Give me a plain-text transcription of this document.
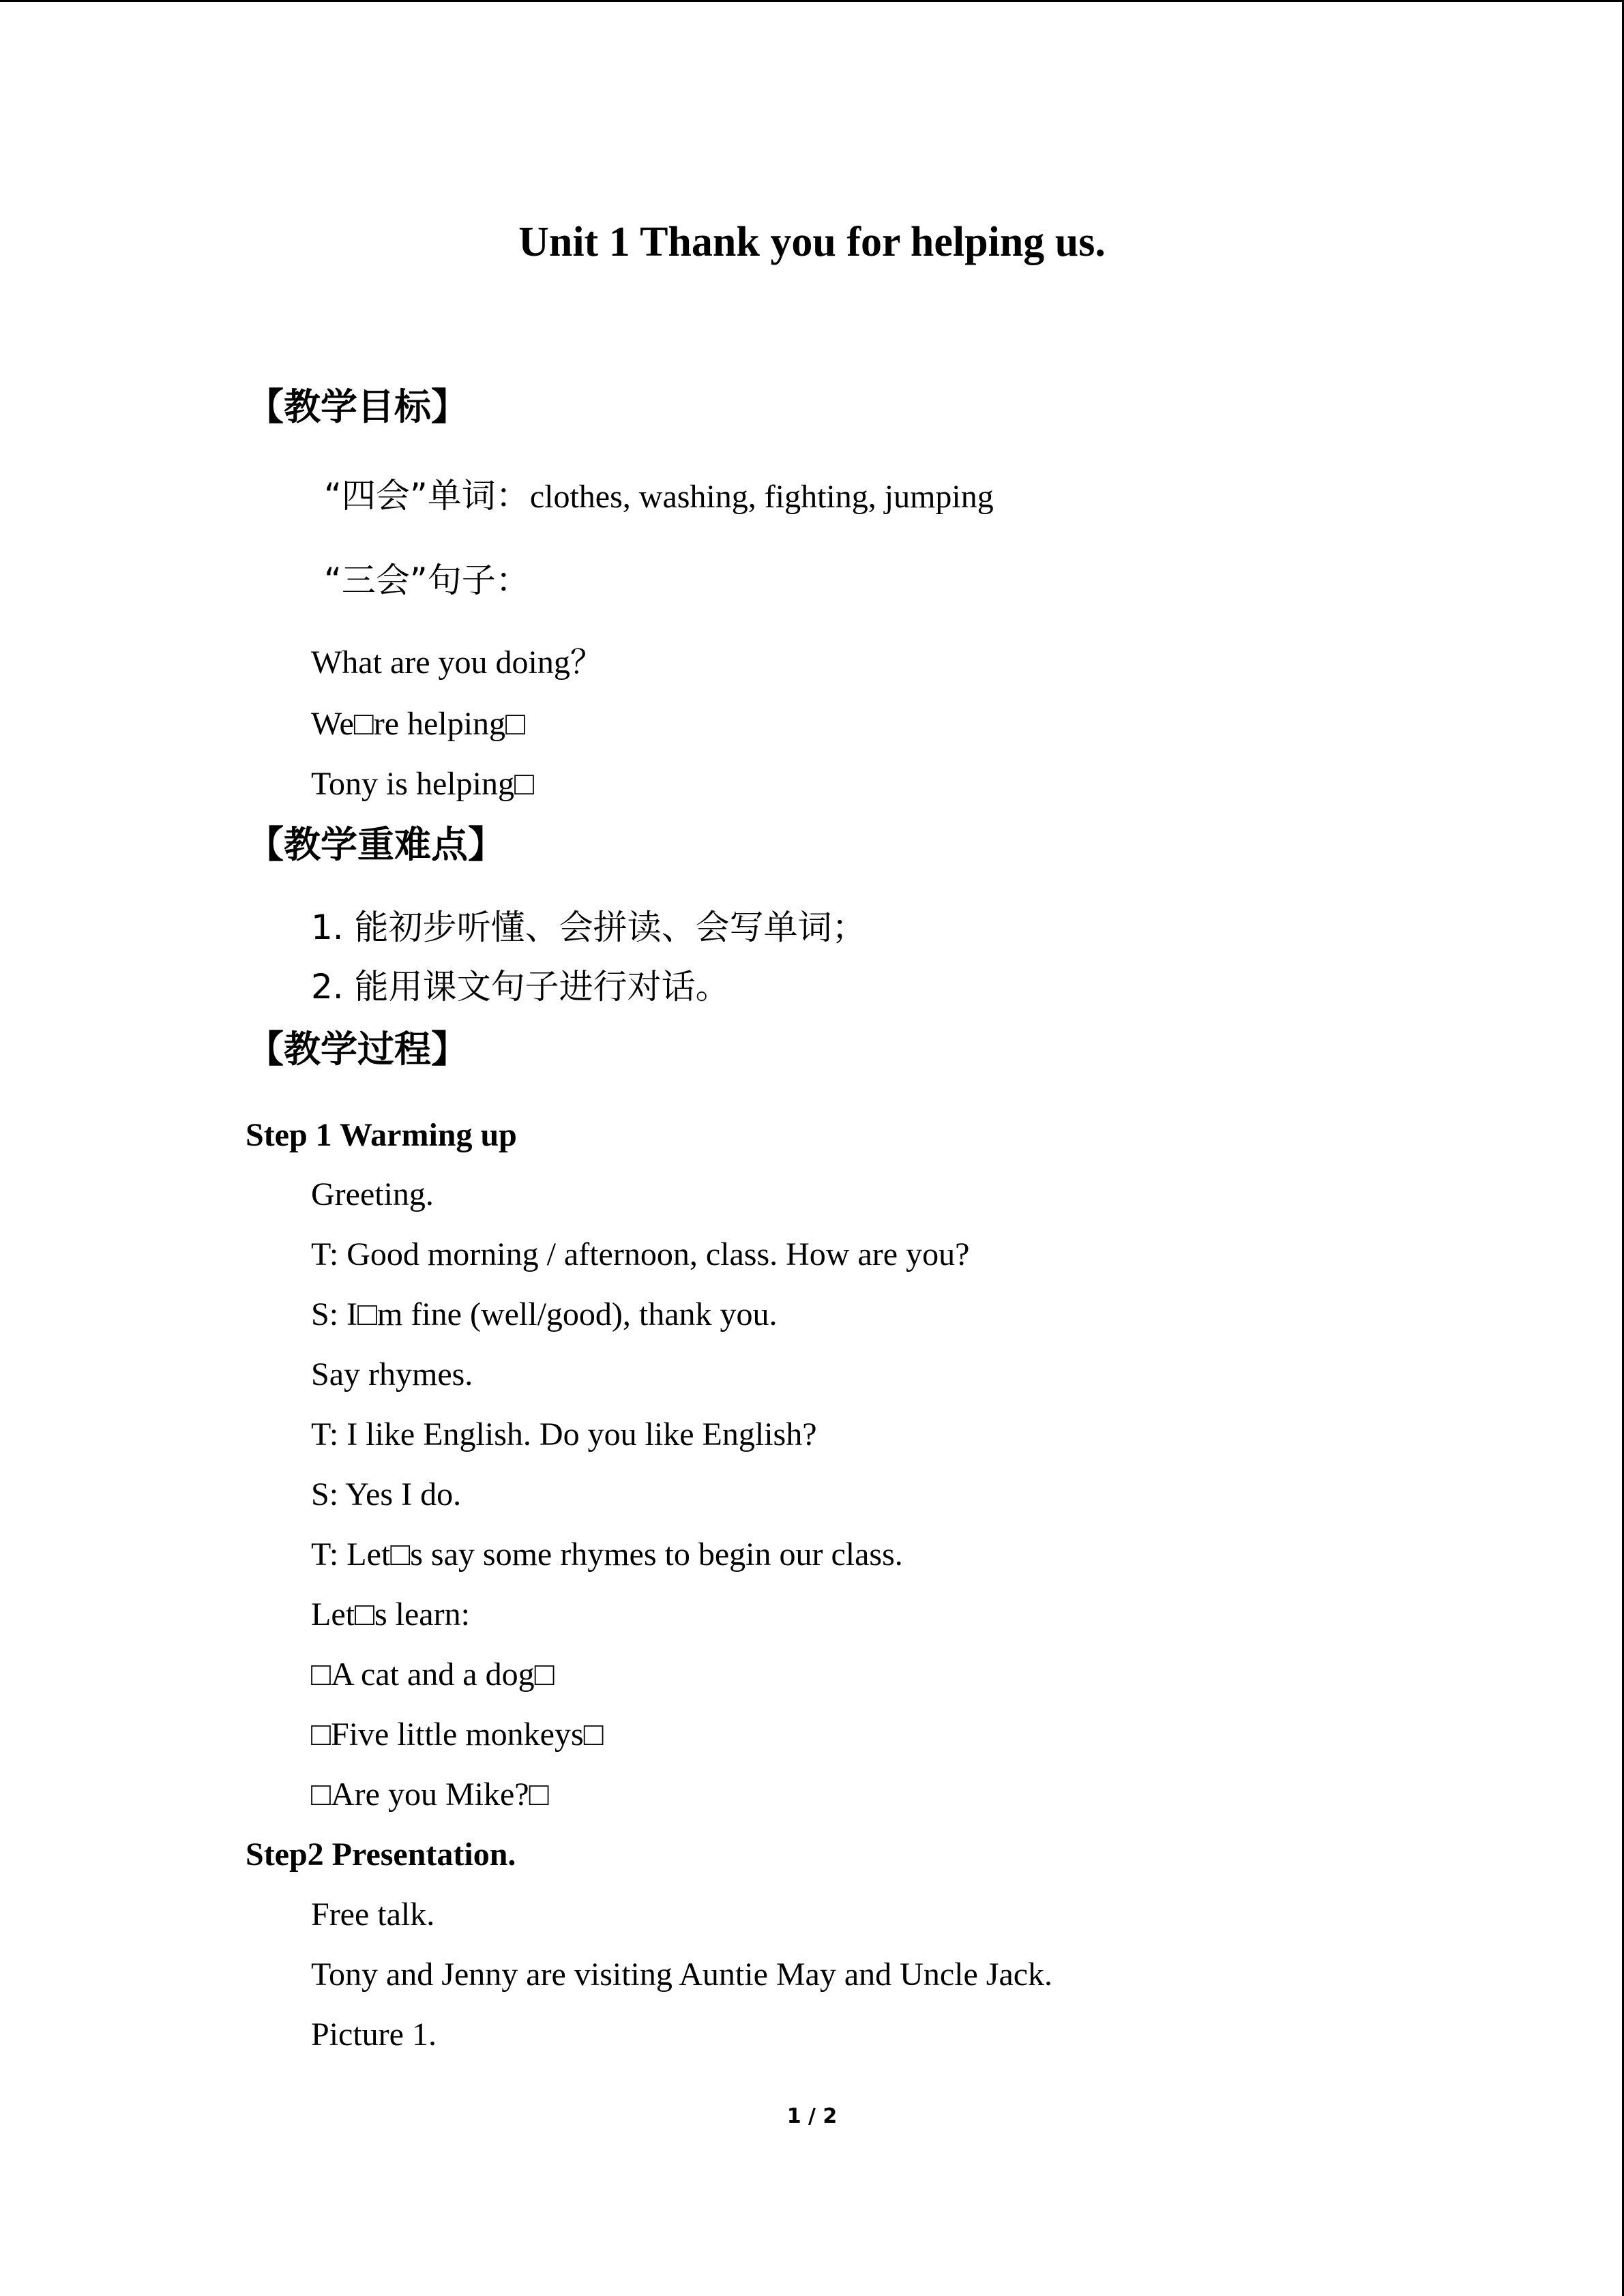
Unit 1 Thank you for helping us.
【教学目标】
“四会”单词：clothes, washing, fighting, jumping
“三会”句子：
What are you doing？
We□re helping□
Tony is helping□
【教学重难点】
1. 能初步听懂、会拼读、会写单词；
2. 能用课文句子进行对话。
【教学过程】
Step 1 Warming up
Greeting.
T: Good morning / afternoon, class. How are you?
S: I□m fine (well/good), thank you.
Say rhymes.
T: I like English. Do you like English?
S: Yes I do.
T: Let□s say some rhymes to begin our class.
Let□s learn:
□A cat and a dog□
□Five little monkeys□
□Are you Mike?□
Step2 Presentation.
Free talk.
Tony and Jenny are visiting Auntie May and Uncle Jack.
Picture 1.
1 / 2
